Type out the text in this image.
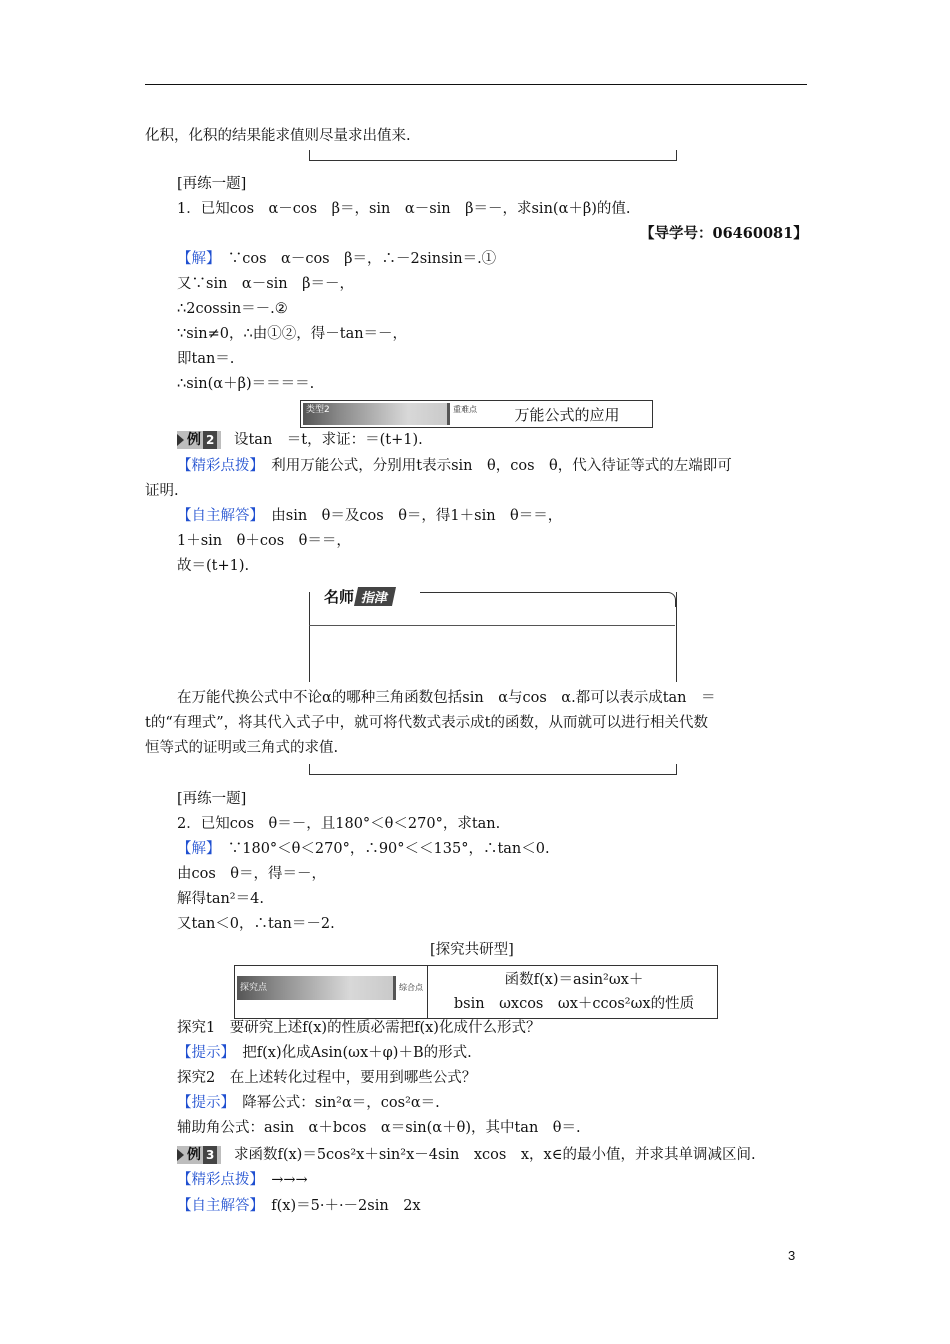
化积，化积的结果能求值则尽量求出值来.
[再练一题]
1．已知cos　α－cos　β＝，sin　α－sin　β＝－，求sin(α＋β)的值.
【导学号：06460081】
【解】　∵cos　α－cos　β＝，∴－2sinsin＝.①
又∵sin　α－sin　β＝－，
∴2cossin＝－.②
∵sin≠0，∴由①②，得－tan＝－，
即tan＝.
∴sin(α＋β)＝＝＝＝.
类型2	重难点	万能公式的应用
例 2 设tan　＝t，求证：＝(t+1).
【精彩点拨】　利用万能公式，分别用t表示sin　θ，cos　θ，代入待证等式的左端即可
证明.
【自主解答】　由sin　θ＝及cos　θ＝，得1＋sin　θ＝＝，
1＋sin　θ＋cos　θ＝＝，
故＝(t+1).
名师 指津
在万能代换公式中不论α的哪种三角函数包括sin　α与cos　α.都可以表示成tan　＝
t的“有理式”，将其代入式子中，就可将代数式表示成t的函数，从而就可以进行相关代数
恒等式的证明或三角式的求值.
[再练一题]
2．已知cos　θ＝－，且180°＜θ＜270°，求tan.
【解】　∵180°＜θ＜270°，∴90°＜＜135°，∴tan＜0.
由cos　θ＝，得＝－，
解得tan²＝4.
又tan＜0，∴tan＝－2.
[探究共研型]
探究点	综合点	函数f(x)＝asin²ωx＋
bsin　ωxcos　ωx＋ccos²ωx的性质
探究1　要研究上述f(x)的性质必需把f(x)化成什么形式？
【提示】　把f(x)化成Asin(ωx＋φ)＋B的形式.
探究2　在上述转化过程中，要用到哪些公式？
【提示】　降幂公式：sin²α＝，cos²α＝.
辅助角公式：asin　α＋bcos　α＝sin(α＋θ)，其中tan　θ＝.
例 3 求函数f(x)＝5cos²x＋sin²x－4sin　xcos　x，x∈的最小值，并求其单调减区间.
【精彩点拨】　→→→
【自主解答】　f(x)＝5·＋·－2sin　2x
3
